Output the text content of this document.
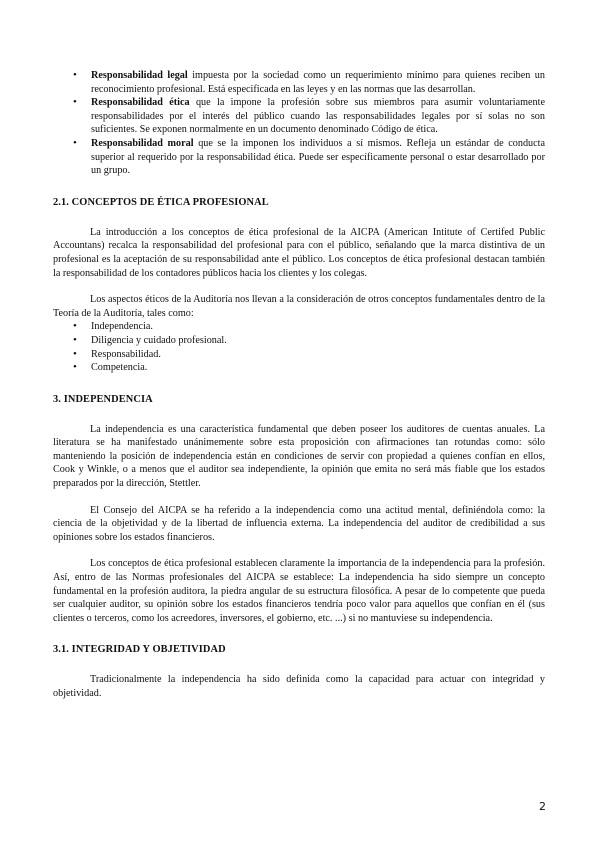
• Responsabilidad legal impuesta por la sociedad como un requerimiento mínimo para quienes reciben un reconocimiento profesional. Está especificada en las leyes y en las normas que las desarrollan.
• Responsabilidad ética que la impone la profesión sobre sus miembros para asumir voluntariamente responsabilidades por el interés del público cuando las responsabilidades legales por sí solas no son suficientes. Se exponen normalmente en un documento denominado Código de ética.
• Responsabilidad moral que se la imponen los individuos a sí mismos. Refleja un estándar de conducta superior al requerido por la responsabilidad ética. Puede ser específicamente personal o estar desarrollado por un grupo.
2.1. CONCEPTOS DE ÉTICA PROFESIONAL

La introducción a los conceptos de ética profesional de la AICPA (American Intitute of Certifed Public Accountans) recalca la responsabilidad del profesional para con el público, señalando que la marca distintiva de un profesional es la aceptación de su responsabilidad ante el público. Los conceptos de ética profesional destacan también la responsabilidad de los contadores públicos hacia los clientes y los colegas.

Los aspectos éticos de la Auditoría nos llevan a la consideración de otros conceptos fundamentales dentro de la Teoría de la Auditoría, tales como:

• Independencia.
• Diligencia y cuidado profesional.
• Responsabilidad.
• Competencia.
3. INDEPENDENCIA

La independencia es una característica fundamental que deben poseer los auditores de cuentas anuales. La literatura se ha manifestado unánimemente sobre esta proposición con afirmaciones tan rotundas como: sólo manteniendo la posición de independencia están en condiciones de servir con propiedad a quienes confían en ellos, Cook y Winkle, o a menos que el auditor sea independiente, la opinión que emita no será más fiable que los estados preparados por la dirección, Stettler.

El Consejo del AICPA se ha referido a la independencia como una actitud mental, definiéndola como: la ciencia de la objetividad y de la libertad de influencia externa. La independencia del auditor de credibilidad a sus opiniones sobre los estados financieros.

Los conceptos de ética profesional establecen claramente la importancia de la independencia para la profesión. Así, entro de las Normas profesionales del AICPA se establece: La independencia ha sido siempre un concepto fundamental en la profesión auditora, la piedra angular de su estructura filosófica. A pesar de lo competente que pueda ser cualquier auditor, su opinión sobre los estados financieros tendría poco valor para aquellos que confían en él (sus clientes o terceros, como los acreedores, inversores, el gobierno, etc. ...) si no mantuviese su independencia.

3.1. INTEGRIDAD Y OBJETIVIDAD

Tradicionalmente la independencia ha sido definida como la capacidad para actuar con integridad y objetividad.

2
